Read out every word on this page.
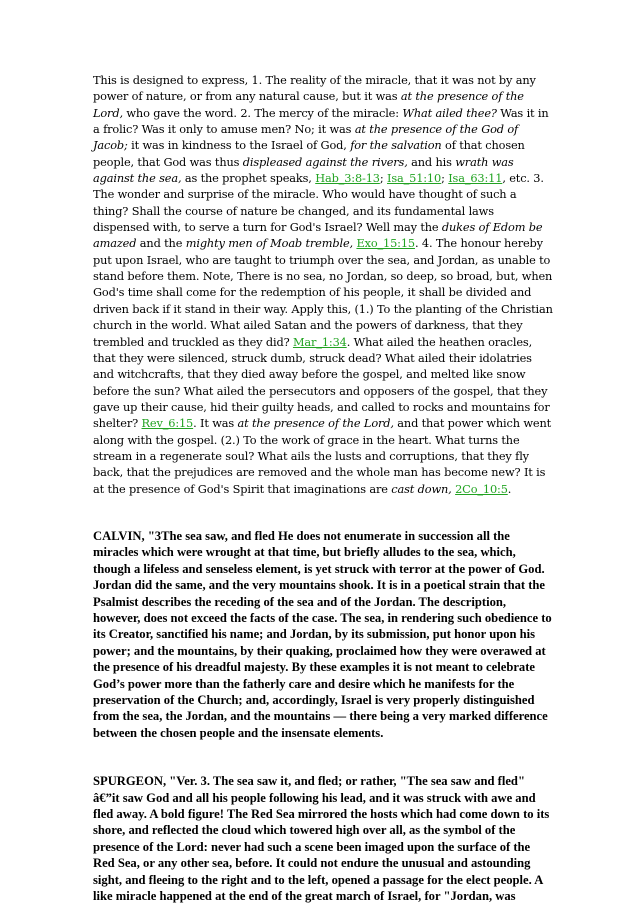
This is designed to express, 1. The reality of the miracle, that it was not by any power of nature, or from any natural cause, but it was at the presence of the Lord, who gave the word. 2. The mercy of the miracle: What ailed thee? Was it in a frolic? Was it only to amuse men? No; it was at the presence of the God of Jacob; it was in kindness to the Israel of God, for the salvation of that chosen people, that God was thus displeased against the rivers, and his wrath was against the sea, as the prophet speaks, Hab_3:8-13; Isa_51:10; Isa_63:11, etc. 3. The wonder and surprise of the miracle. Who would have thought of such a thing? Shall the course of nature be changed, and its fundamental laws dispensed with, to serve a turn for God's Israel? Well may the dukes of Edom be amazed and the mighty men of Moab tremble, Exo_15:15. 4. The honour hereby put upon Israel, who are taught to triumph over the sea, and Jordan, as unable to stand before them. Note, There is no sea, no Jordan, so deep, so broad, but, when God's time shall come for the redemption of his people, it shall be divided and driven back if it stand in their way. Apply this, (1.) To the planting of the Christian church in the world. What ailed Satan and the powers of darkness, that they trembled and truckled as they did? Mar_1:34. What ailed the heathen oracles, that they were silenced, struck dumb, struck dead? What ailed their idolatries and witchcrafts, that they died away before the gospel, and melted like snow before the sun? What ailed the persecutors and opposers of the gospel, that they gave up their cause, hid their guilty heads, and called to rocks and mountains for shelter? Rev_6:15. It was at the presence of the Lord, and that power which went along with the gospel. (2.) To the work of grace in the heart. What turns the stream in a regenerate soul? What ails the lusts and corruptions, that they fly back, that the prejudices are removed and the whole man has become new? It is at the presence of God's Spirit that imaginations are cast down, 2Co_10:5.

CALVIN, "3The sea saw, and fled He does not enumerate in succession all the miracles which were wrought at that time, but briefly alludes to the sea, which, though a lifeless and senseless element, is yet struck with terror at the power of God. Jordan did the same, and the very mountains shook. It is in a poetical strain that the Psalmist describes the receding of the sea and of the Jordan. The description, however, does not exceed the facts of the case. The sea, in rendering such obedience to its Creator, sanctified his name; and Jordan, by its submission, put honor upon his power; and the mountains, by their quaking, proclaimed how they were overawed at the presence of his dreadful majesty. By these examples it is not meant to celebrate God’s power more than the fatherly care and desire which he manifests for the preservation of the Church; and, accordingly, Israel is very properly distinguished from the sea, the Jordan, and the mountains — there being a very marked difference between the chosen people and the insensate elements.

SPURGEON, "Ver. 3. The sea saw it, and fled; or rather, "The sea saw and fled" â€”it saw God and all his people following his lead, and it was struck with awe and fled away. A bold figure! The Red Sea mirrored the hosts which had come down to its shore, and reflected the cloud which towered high over all, as the symbol of the presence of the Lord: never had such a scene been imaged upon the surface of the Red Sea, or any other sea, before. It could not endure the unusual and astounding sight, and fleeing to the right and to the left, opened a passage for the elect people. A like miracle happened at the end of the great march of Israel, for "Jordan, was
